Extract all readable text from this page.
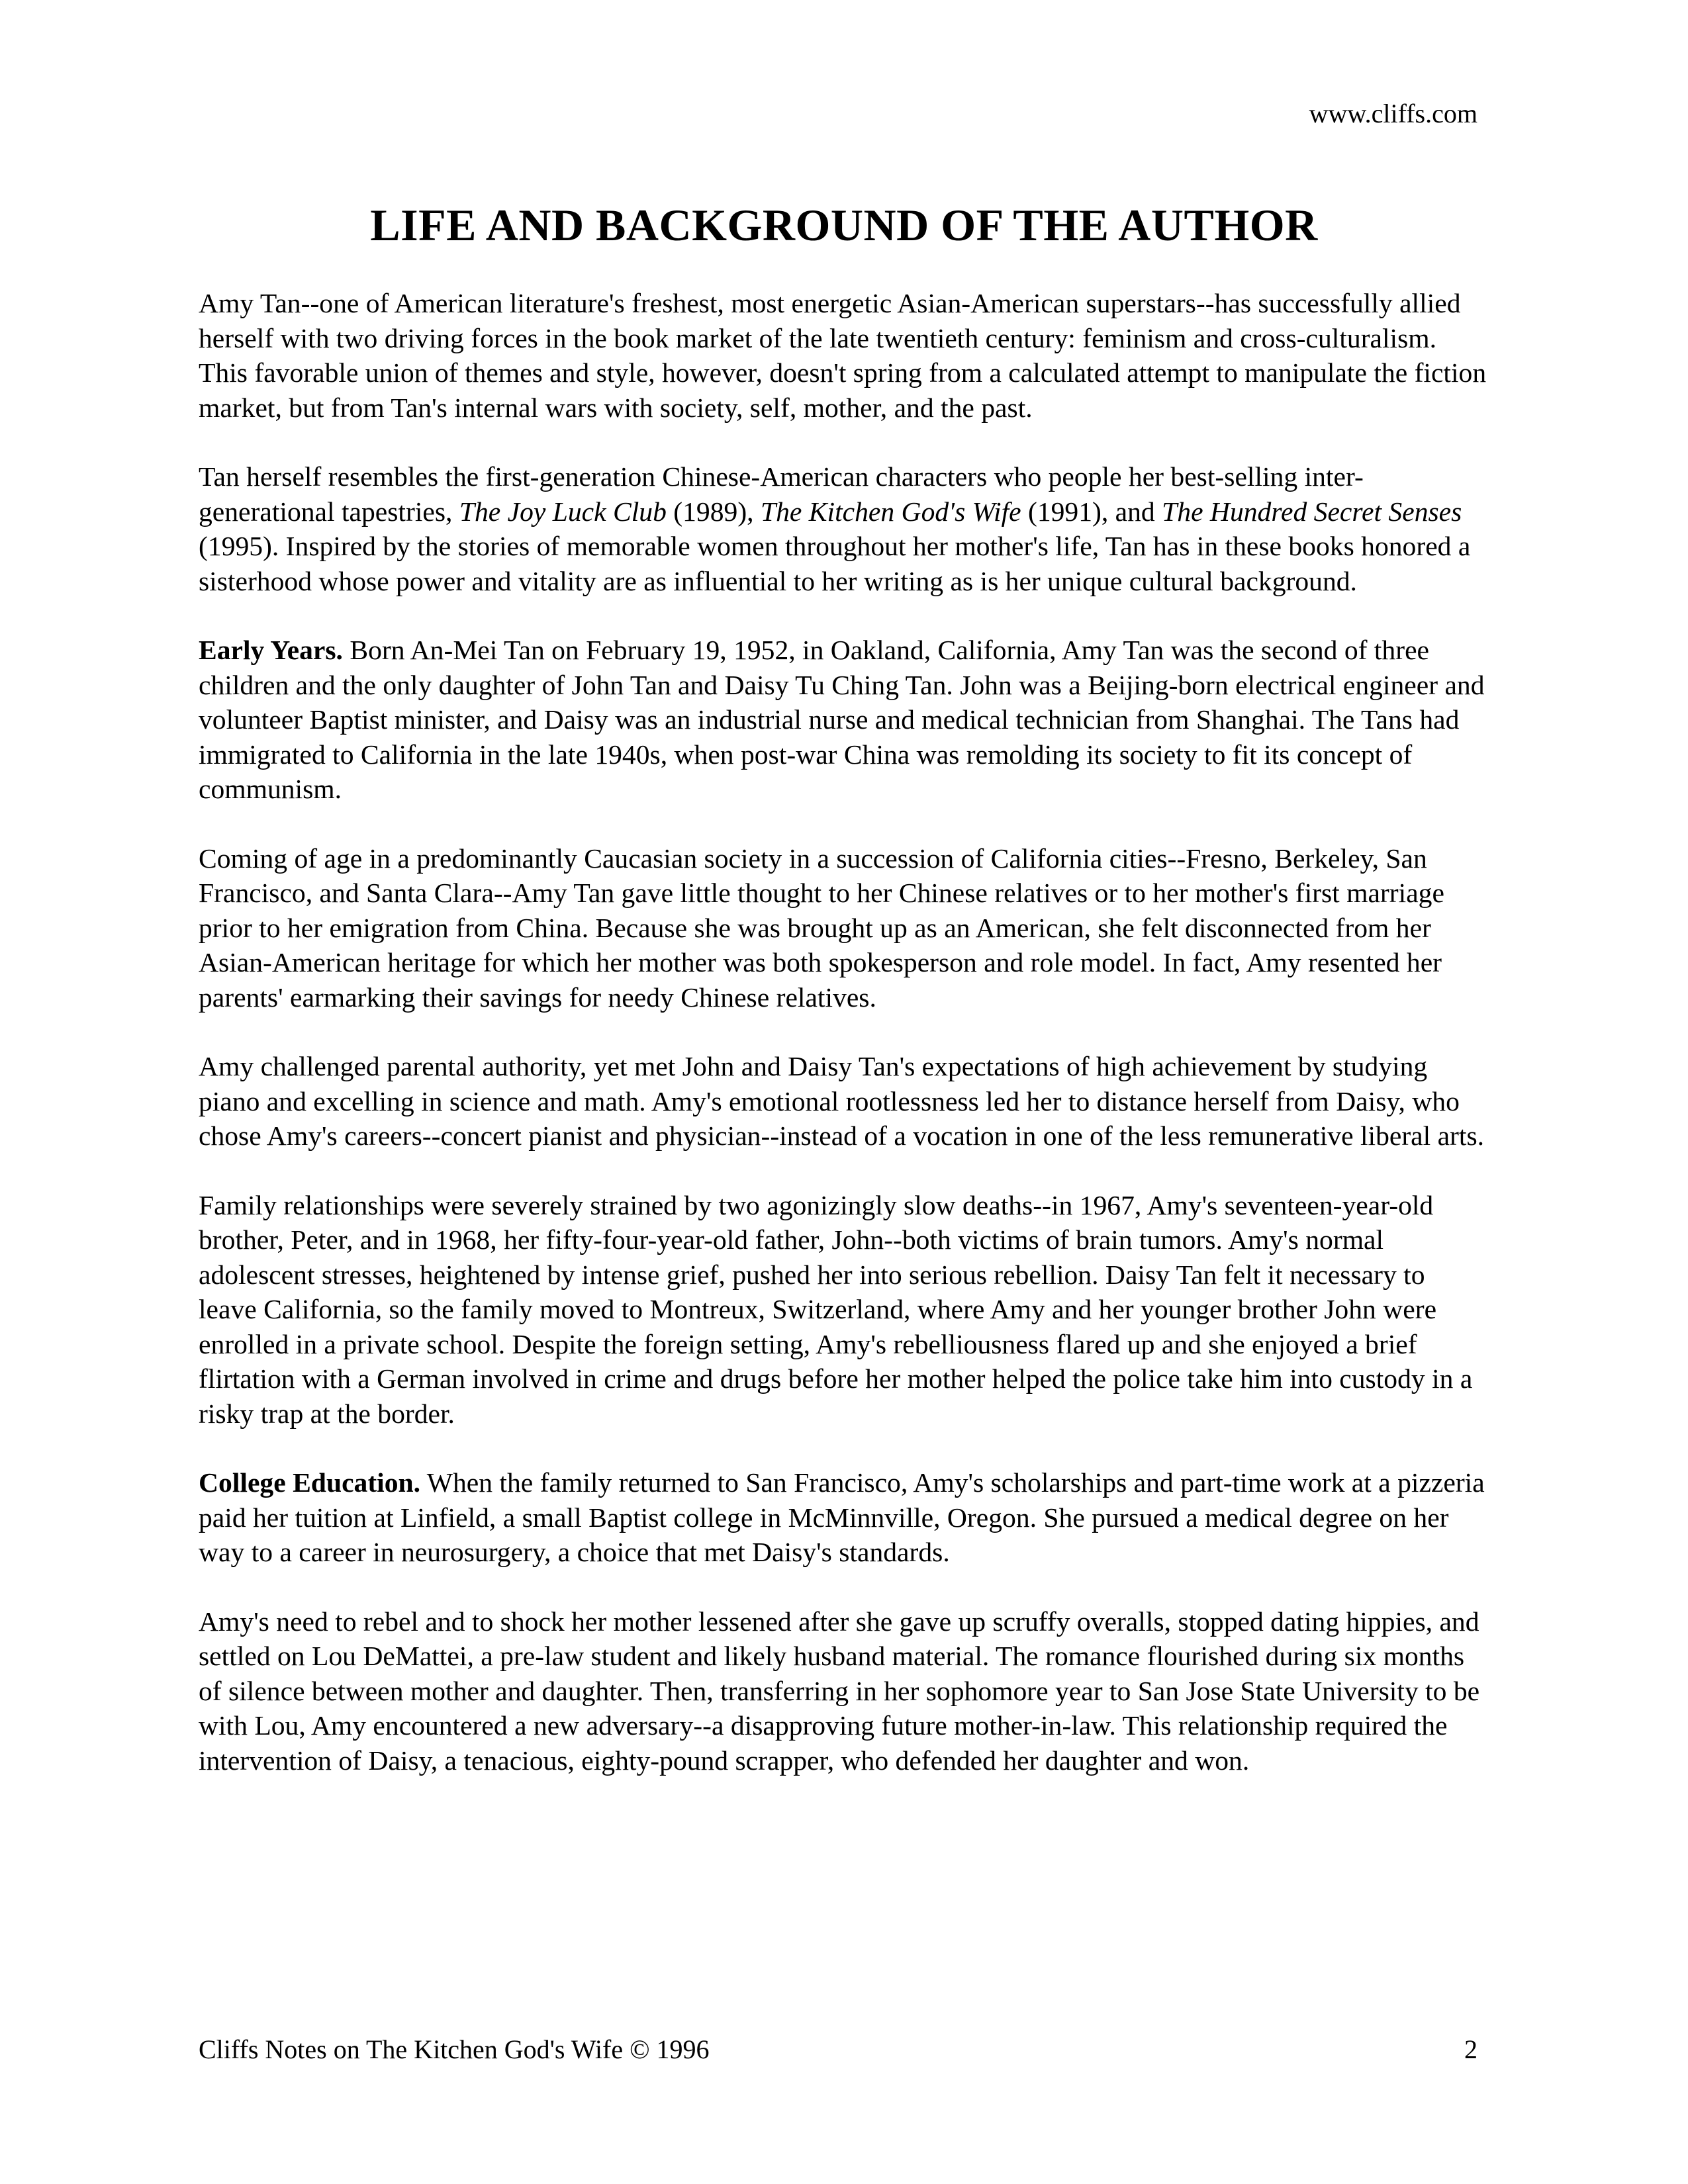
www.cliffs.com
LIFE AND BACKGROUND OF THE AUTHOR

Amy Tan--one of American literature's freshest, most energetic Asian-American superstars--has successfully allied herself with two driving forces in the book market of the late twentieth century: feminism and cross-culturalism. This favorable union of themes and style, however, doesn't spring from a calculated attempt to manipulate the fiction market, but from Tan's internal wars with society, self, mother, and the past.

Tan herself resembles the first-generation Chinese-American characters who people her best-selling inter-generational tapestries, The Joy Luck Club (1989), The Kitchen God's Wife (1991), and The Hundred Secret Senses (1995). Inspired by the stories of memorable women throughout her mother's life, Tan has in these books honored a sisterhood whose power and vitality are as influential to her writing as is her unique cultural background.

Early Years. Born An-Mei Tan on February 19, 1952, in Oakland, California, Amy Tan was the second of three children and the only daughter of John Tan and Daisy Tu Ching Tan. John was a Beijing-born electrical engineer and volunteer Baptist minister, and Daisy was an industrial nurse and medical technician from Shanghai. The Tans had immigrated to California in the late 1940s, when post-war China was remolding its society to fit its concept of communism.

Coming of age in a predominantly Caucasian society in a succession of California cities--Fresno, Berkeley, San Francisco, and Santa Clara--Amy Tan gave little thought to her Chinese relatives or to her mother's first marriage prior to her emigration from China. Because she was brought up as an American, she felt disconnected from her Asian-American heritage for which her mother was both spokesperson and role model. In fact, Amy resented her parents' earmarking their savings for needy Chinese relatives.

Amy challenged parental authority, yet met John and Daisy Tan's expectations of high achievement by studying piano and excelling in science and math. Amy's emotional rootlessness led her to distance herself from Daisy, who chose Amy's careers--concert pianist and physician--instead of a vocation in one of the less remunerative liberal arts.

Family relationships were severely strained by two agonizingly slow deaths--in 1967, Amy's seventeen-year-old brother, Peter, and in 1968, her fifty-four-year-old father, John--both victims of brain tumors. Amy's normal adolescent stresses, heightened by intense grief, pushed her into serious rebellion. Daisy Tan felt it necessary to leave California, so the family moved to Montreux, Switzerland, where Amy and her younger brother John were enrolled in a private school. Despite the foreign setting, Amy's rebelliousness flared up and she enjoyed a brief flirtation with a German involved in crime and drugs before her mother helped the police take him into custody in a risky trap at the border.

College Education. When the family returned to San Francisco, Amy's scholarships and part-time work at a pizzeria paid her tuition at Linfield, a small Baptist college in McMinnville, Oregon. She pursued a medical degree on her way to a career in neurosurgery, a choice that met Daisy's standards.

Amy's need to rebel and to shock her mother lessened after she gave up scruffy overalls, stopped dating hippies, and settled on Lou DeMattei, a pre-law student and likely husband material. The romance flourished during six months of silence between mother and daughter. Then, transferring in her sophomore year to San Jose State University to be with Lou, Amy encountered a new adversary--a disapproving future mother-in-law. This relationship required the intervention of Daisy, a tenacious, eighty-pound scrapper, who defended her daughter and won.

Cliffs Notes on The Kitchen God's Wife © 1996	2
